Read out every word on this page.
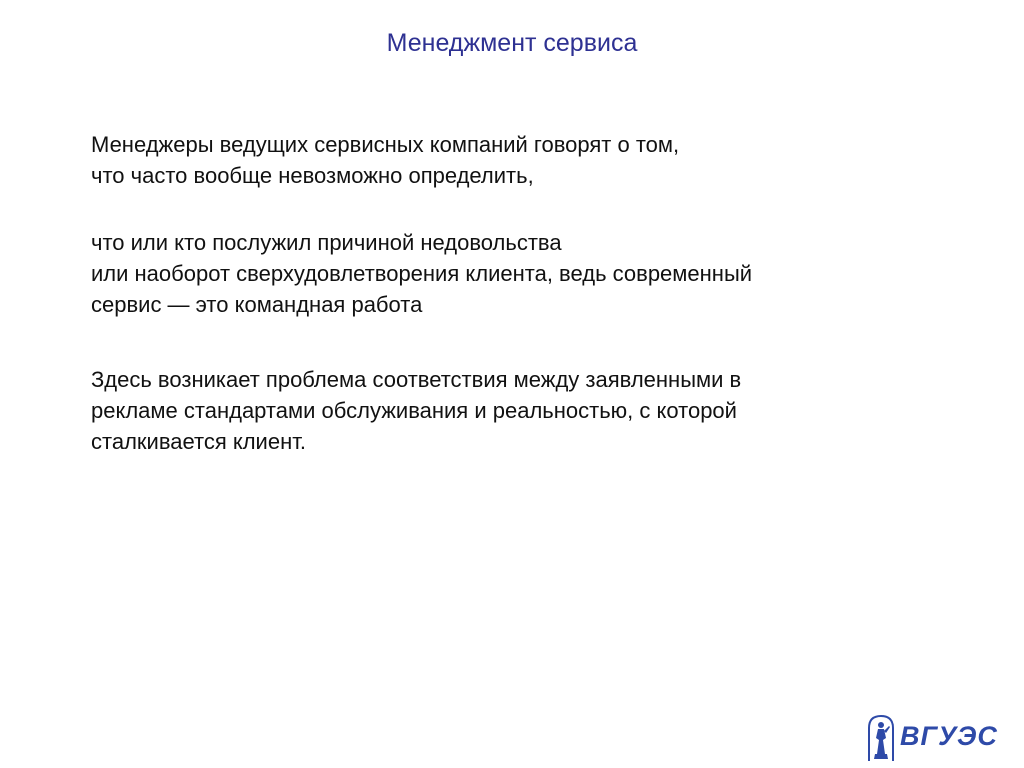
Менеджмент сервиса
Менеджеры ведущих сервисных компаний говорят о том,
что часто вообще невозможно определить,
что или кто послужил причиной недовольства
или наоборот сверхудовлетворения клиента, ведь современный
сервис — это командная работа
Здесь возникает проблема соответствия между заявленными в
рекламе стандартами обслуживания и реальностью, с которой
сталкивается клиент.
ВГУЭС
